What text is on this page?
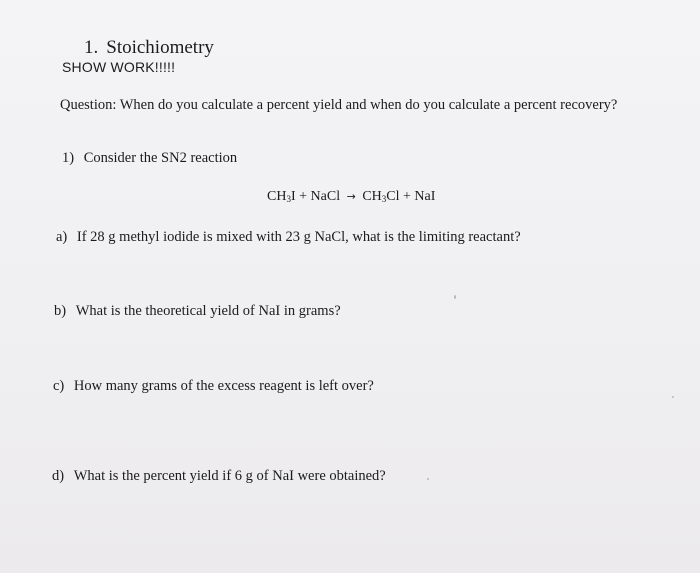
1. Stoichiometry
SHOW WORK!!!!!
Question: When do you calculate a percent yield and when do you calculate a percent recovery?
1) Consider the SN2 reaction
$CH_3I$ + NaCl → $CH_3Cl$ + NaI
a) If 28 g methyl iodide is mixed with 23 g NaCl, what is the limiting reactant?
b) What is the theoretical yield of NaI in grams?
c) How many grams of the excess reagent is left over?
d) What is the percent yield if 6 g of NaI were obtained?
